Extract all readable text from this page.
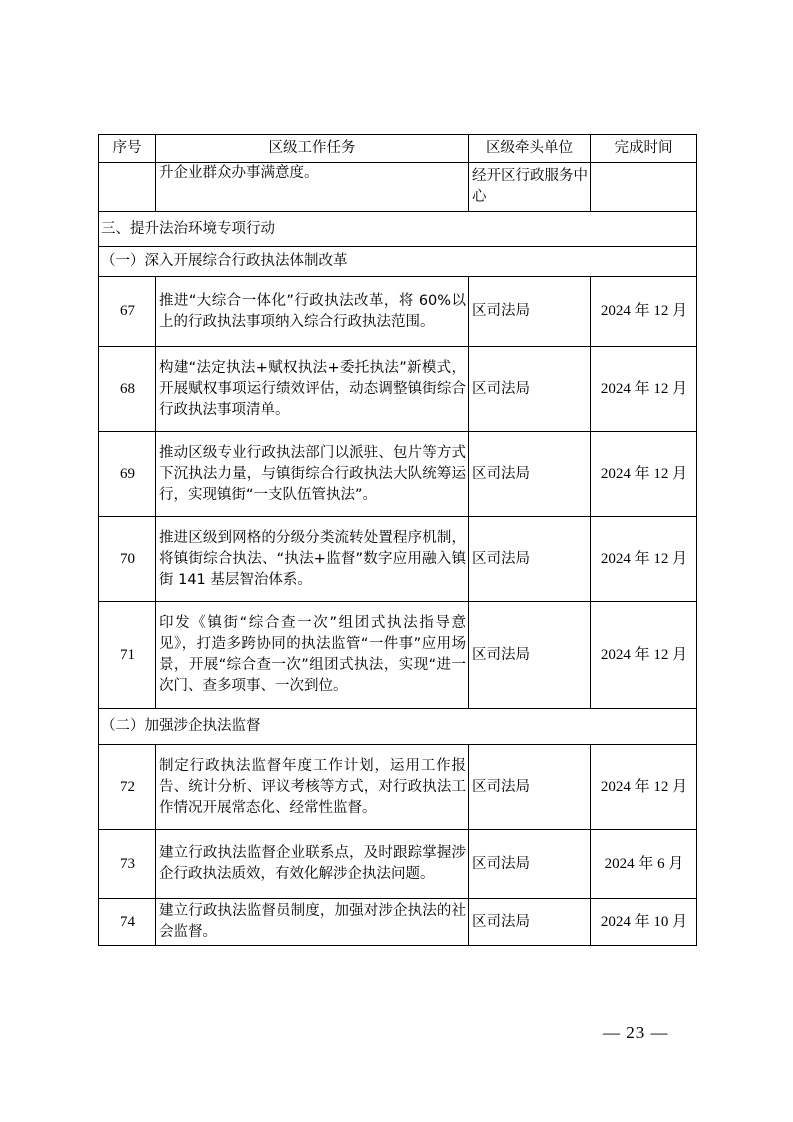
序号	区级工作任务	区级牵头单位	完成时间
	升企业群众办事满意度。	经开区行政服务中心	
三、提升法治环境专项行动			
（一）深入开展综合行政执法体制改革			
67	推进“大综合一体化”行政执法改革，将 60%以上的行政执法事项纳入综合行政执法范围。	区司法局	2024 年 12 月
68	构建“法定执法+赋权执法+委托执法”新模式，开展赋权事项运行绩效评估，动态调整镇街综合行政执法事项清单。	区司法局	2024 年 12 月
69	推动区级专业行政执法部门以派驻、包片等方式下沉执法力量，与镇街综合行政执法大队统筹运行，实现镇街“一支队伍管执法”。	区司法局	2024 年 12 月
70	推进区级到网格的分级分类流转处置程序机制，将镇街综合执法、“执法+监督”数字应用融入镇街 141 基层智治体系。	区司法局	2024 年 12 月
71	印发《镇街“综合查一次”组团式执法指导意见》，打造多跨协同的执法监管“一件事”应用场景，开展“综合查一次”组团式执法，实现“进一次门、查多项事、一次到位。	区司法局	2024 年 12 月
（二）加强涉企执法监督			
72	制定行政执法监督年度工作计划，运用工作报告、统计分析、评议考核等方式，对行政执法工作情况开展常态化、经常性监督。	区司法局	2024 年 12 月
73	建立行政执法监督企业联系点，及时跟踪掌握涉企行政执法质效，有效化解涉企执法问题。	区司法局	2024 年 6 月
74	建立行政执法监督员制度，加强对涉企执法的社会监督。	区司法局	2024 年 10 月
— 23 —
